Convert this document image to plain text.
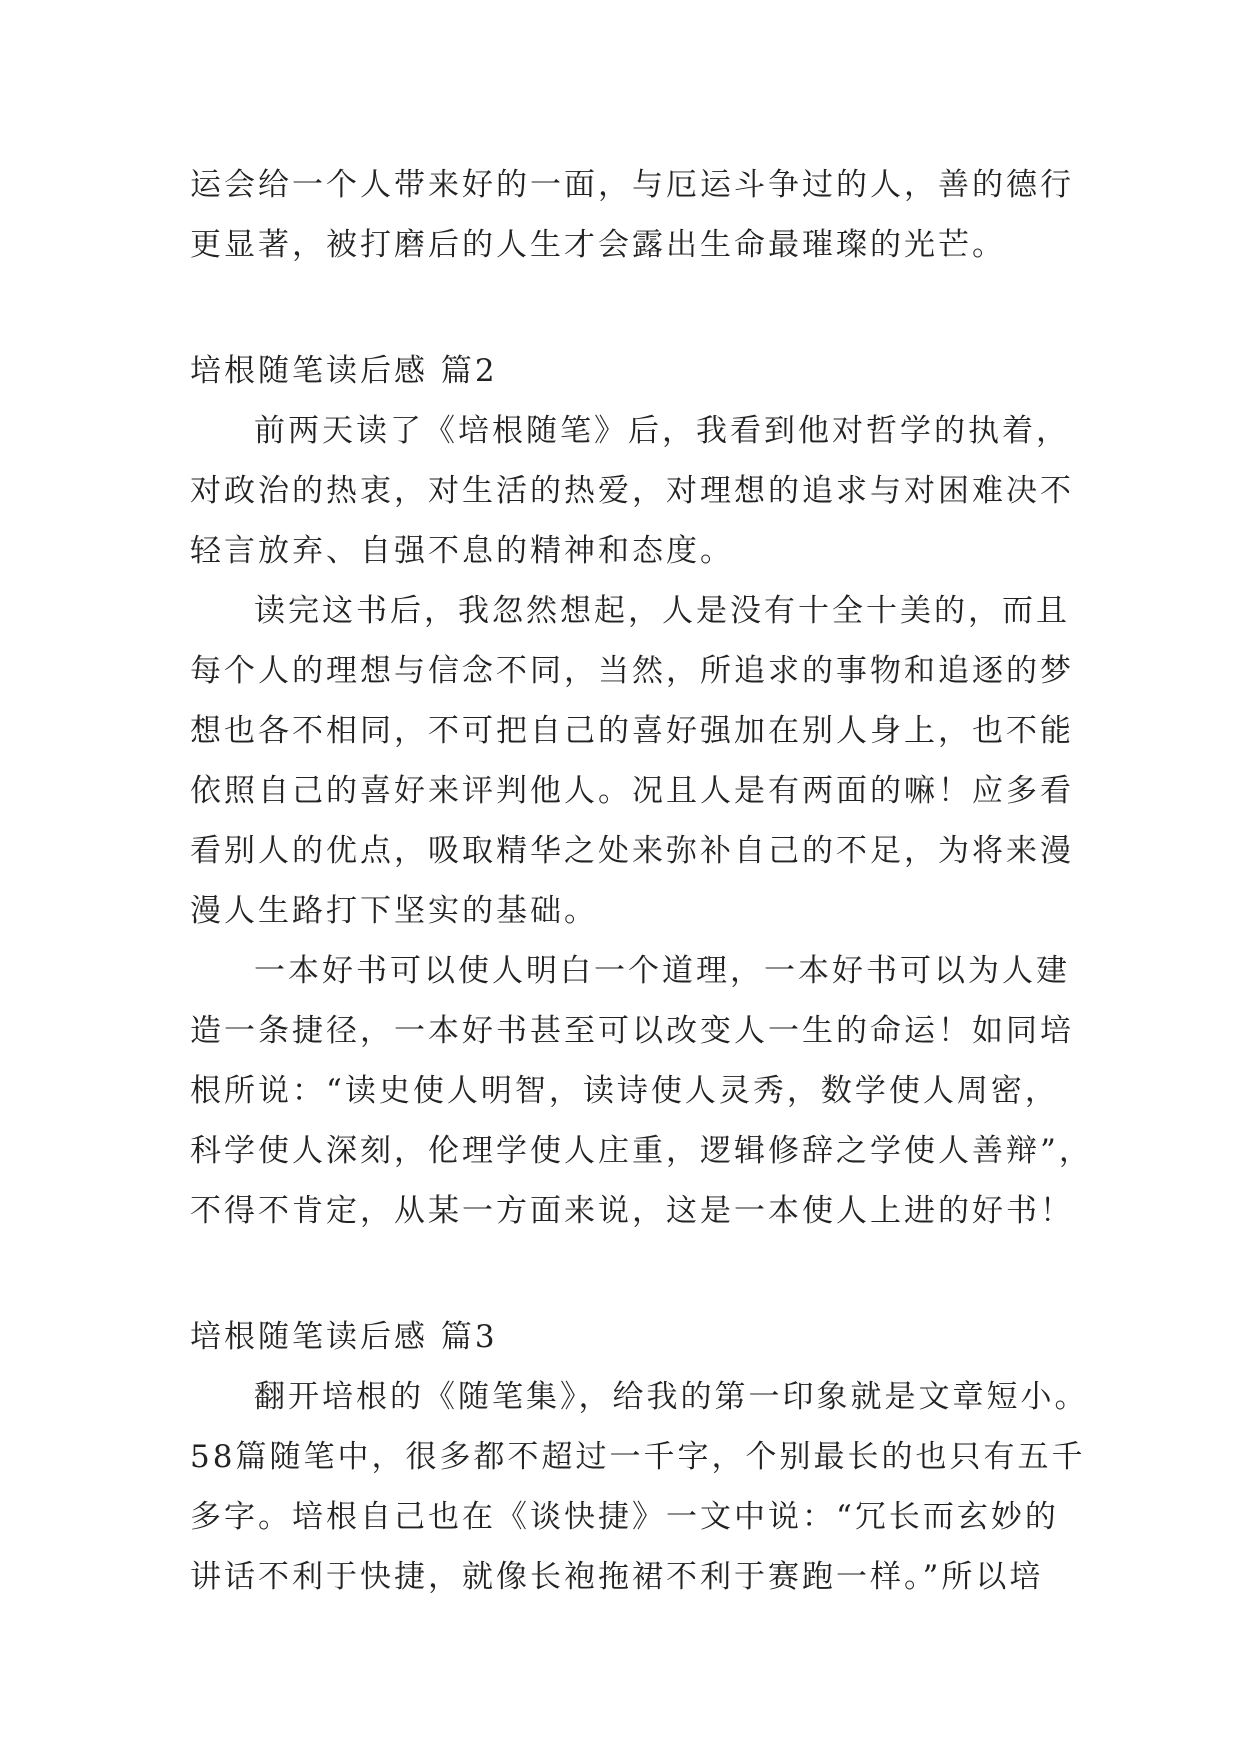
运会给一个人带来好的一面，与厄运斗争过的人，善的德行

更显著，被打磨后的人生才会露出生命最璀璨的光芒。

培根随笔读后感 篇2

前两天读了《培根随笔》后，我看到他对哲学的执着，

对政治的热衷，对生活的热爱，对理想的追求与对困难决不

轻言放弃、自强不息的精神和态度。

读完这书后，我忽然想起，人是没有十全十美的，而且

每个人的理想与信念不同，当然，所追求的事物和追逐的梦

想也各不相同，不可把自己的喜好强加在别人身上，也不能

依照自己的喜好来评判他人。况且人是有两面的嘛！应多看

看别人的优点，吸取精华之处来弥补自己的不足，为将来漫

漫人生路打下坚实的基础。

一本好书可以使人明白一个道理，一本好书可以为人建

造一条捷径，一本好书甚至可以改变人一生的命运！如同培

根所说：“读史使人明智，读诗使人灵秀，数学使人周密，

科学使人深刻，伦理学使人庄重，逻辑修辞之学使人善辩”，

不得不肯定，从某一方面来说，这是一本使人上进的好书！

培根随笔读后感 篇3

翻开培根的《随笔集》，给我的第一印象就是文章短小。

58篇随笔中，很多都不超过一千字，个别最长的也只有五千

多字。培根自己也在《谈快捷》一文中说：“冗长而玄妙的

讲话不利于快捷，就像长袍拖裙不利于赛跑一样。”所以培
